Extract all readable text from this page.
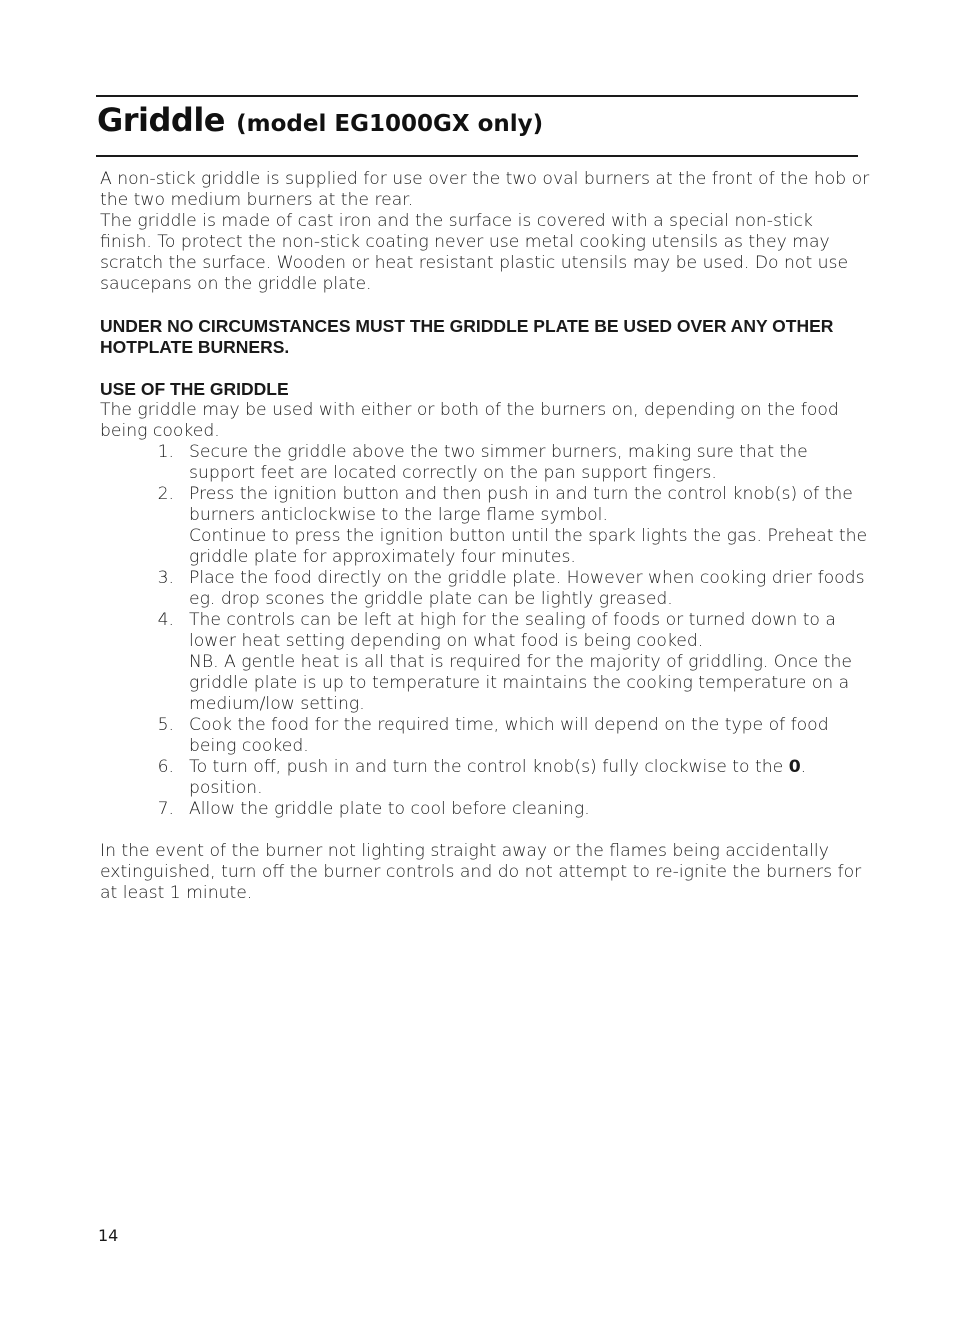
Griddle (model EG1000GX only)

A non-stick griddle is supplied for use over the two oval burners at the front of the hob or the two medium burners at the rear.

The griddle is made of cast iron and the surface is covered with a special non-stick finish. To protect the non-stick coating never use metal cooking utensils as they may scratch the surface. Wooden or heat resistant plastic utensils may be used. Do not use saucepans on the griddle plate.

UNDER NO CIRCUMSTANCES MUST THE GRIDDLE PLATE BE USED OVER ANY OTHER HOTPLATE BURNERS.

USE OF THE GRIDDLE

The griddle may be used with either or both of the burners on, depending on the food being cooked.

1. Secure the griddle above the two simmer burners, making sure that the support feet are located correctly on the pan support fingers.
2. Press the ignition button and then push in and turn the control knob(s) of the burners anticlockwise to the large flame symbol.
Continue to press the ignition button until the spark lights the gas. Preheat the griddle plate for approximately four minutes.
3. Place the food directly on the griddle plate. However when cooking drier foods eg. drop scones the griddle plate can be lightly greased.
4. The controls can be left at high for the sealing of foods or turned down to a lower heat setting depending on what food is being cooked.
NB. A gentle heat is all that is required for the majority of griddling. Once the griddle plate is up to temperature it maintains the cooking temperature on a medium/low setting.
5. Cook the food for the required time, which will depend on the type of food being cooked.
6. To turn off, push in and turn the control knob(s) fully clockwise to the 0. position.
7. Allow the griddle plate to cool before cleaning.

In the event of the burner not lighting straight away or the flames being accidentally extinguished, turn off the burner controls and do not attempt to re-ignite the burners for at least 1 minute.

14
